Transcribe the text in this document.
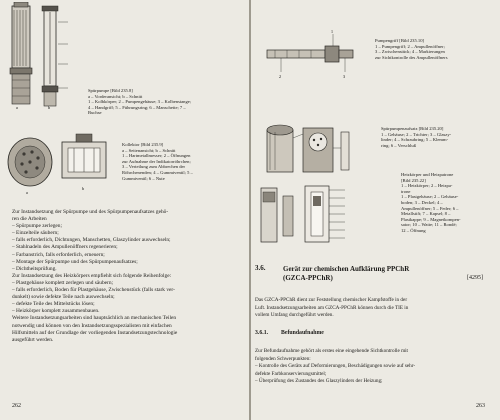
a	b
Spürpumpe [Bild 235.8]
a – Vorderansicht; b – Schnitt
1 – Kolbkörper; 2 – Pumpengehäuse; 3 – Kolbenstange;
4 – Handgriff; 5 – Führungsring; 6 – Manschette; 7 –
Buchse
a
b
Kollektor [Bild 235.9]
a – Seitenansicht; b – Schnitt
1 – Hartmetallmesser; 2 – Öffnungen
zur Aufnahme der Indikatorröhrchen;
3 – Verteilung zum Abbrechen der
Röhrchenenden; 4 – Gummiventil; 5 –
Gummiventil; 6 – Nute
Zur Instandsetzung der Spürpumpe und des Spürpumpenaufsatzes gehö-
ren die Arbeiten
– Spürpumpe zerlegen;
– Einzelteile säubern;
– falls erforderlich, Dichtungen, Manschetten, Glaszylinder auswechseln;
– Stahlnadeln des Ampullenöffners regenerieren;
– Farbanstrich, falls erforderlich, erneuern;
– Montage der Spürpumpe und des Spürpumpenaufsatzes;
– Dichtheitsprüfung.
Zur Instandsetzung des Heizkörpers empfiehlt sich folgende Reihenfolge:
– Plastgehäuse komplett zerlegen und säubern;
– falls erforderlich, Boden für Plastgehäuse, Zwischenstück (falls stark ver-
dunkelt) sowie defekte Teile nach auswechseln;
– defekte Teile des Mittelstücks lösen;
– Heizkörper komplett zusammenbauen.
Weitere Instandsetzungsarbeiten sind hauptsächlich an mechanischen Teilen
notwendig und können von den Instandsetzungsspezialisten mit einfachen
Hilfsmitteln auf der Grundlage der vorliegenden Instandsetzungstechnologie
ausgeführt werden.
262
1
2	3
Pumpengriff [Bild 235.10]
1 – Pumpengriff; 2 – Ampullenöffner;
3 – Zwischenstück; 4 – Markierungen
zur Sichtkontrolle des Ampullenöffners
Spürpumpenaufsatz [Bild 235.20]
1 – Gehäuse; 2 – Trichter; 3 – Glaszy-
linder; 4 – Schraubring; 5 – Klemm-
ring; 6 – Verschluß
Heizkörper und Heizpatrone
[Bild 235.22]
1 – Heizkörper; 2 – Heizpa-
trone
1 – Plastgehäuse; 2 – Gehäuse-
boden; 3 – Deckel; 4 –
Ampullenöffner; 5 – Feder; 6 –
Metallstift; 7 – Kapsel; 8 –
Plastkappe; 9 – Magnetkompen-
sator; 10 – Watte; 11 – Rondé;
12 – Öffnung
3.6.	Gerät zur chemischen Aufklärung PPChR
(GZCA-PPChR)	[4295]
Das GZCA-PPChR dient zur Feststellung chemischer Kampfstoffe in der
Luft. Instandsetzungsarbeiten am GZCA-PPChR können durch die TIE in
vollem Umfang durchgeführt werden.
3.6.1. Befundaufnahme
Zur Befundaufnahme gehört als erstes eine eingehende Sichtkontrolle mit
folgenden Schwerpunkten:
– Kontrolle des Geräts auf Deformierungen, Beschädigungen sowie auf sehr-
defekte Farbkonservierungsmittel;
– Überprüfung des Zustandes des Glaszylinders der Heizung;
263
